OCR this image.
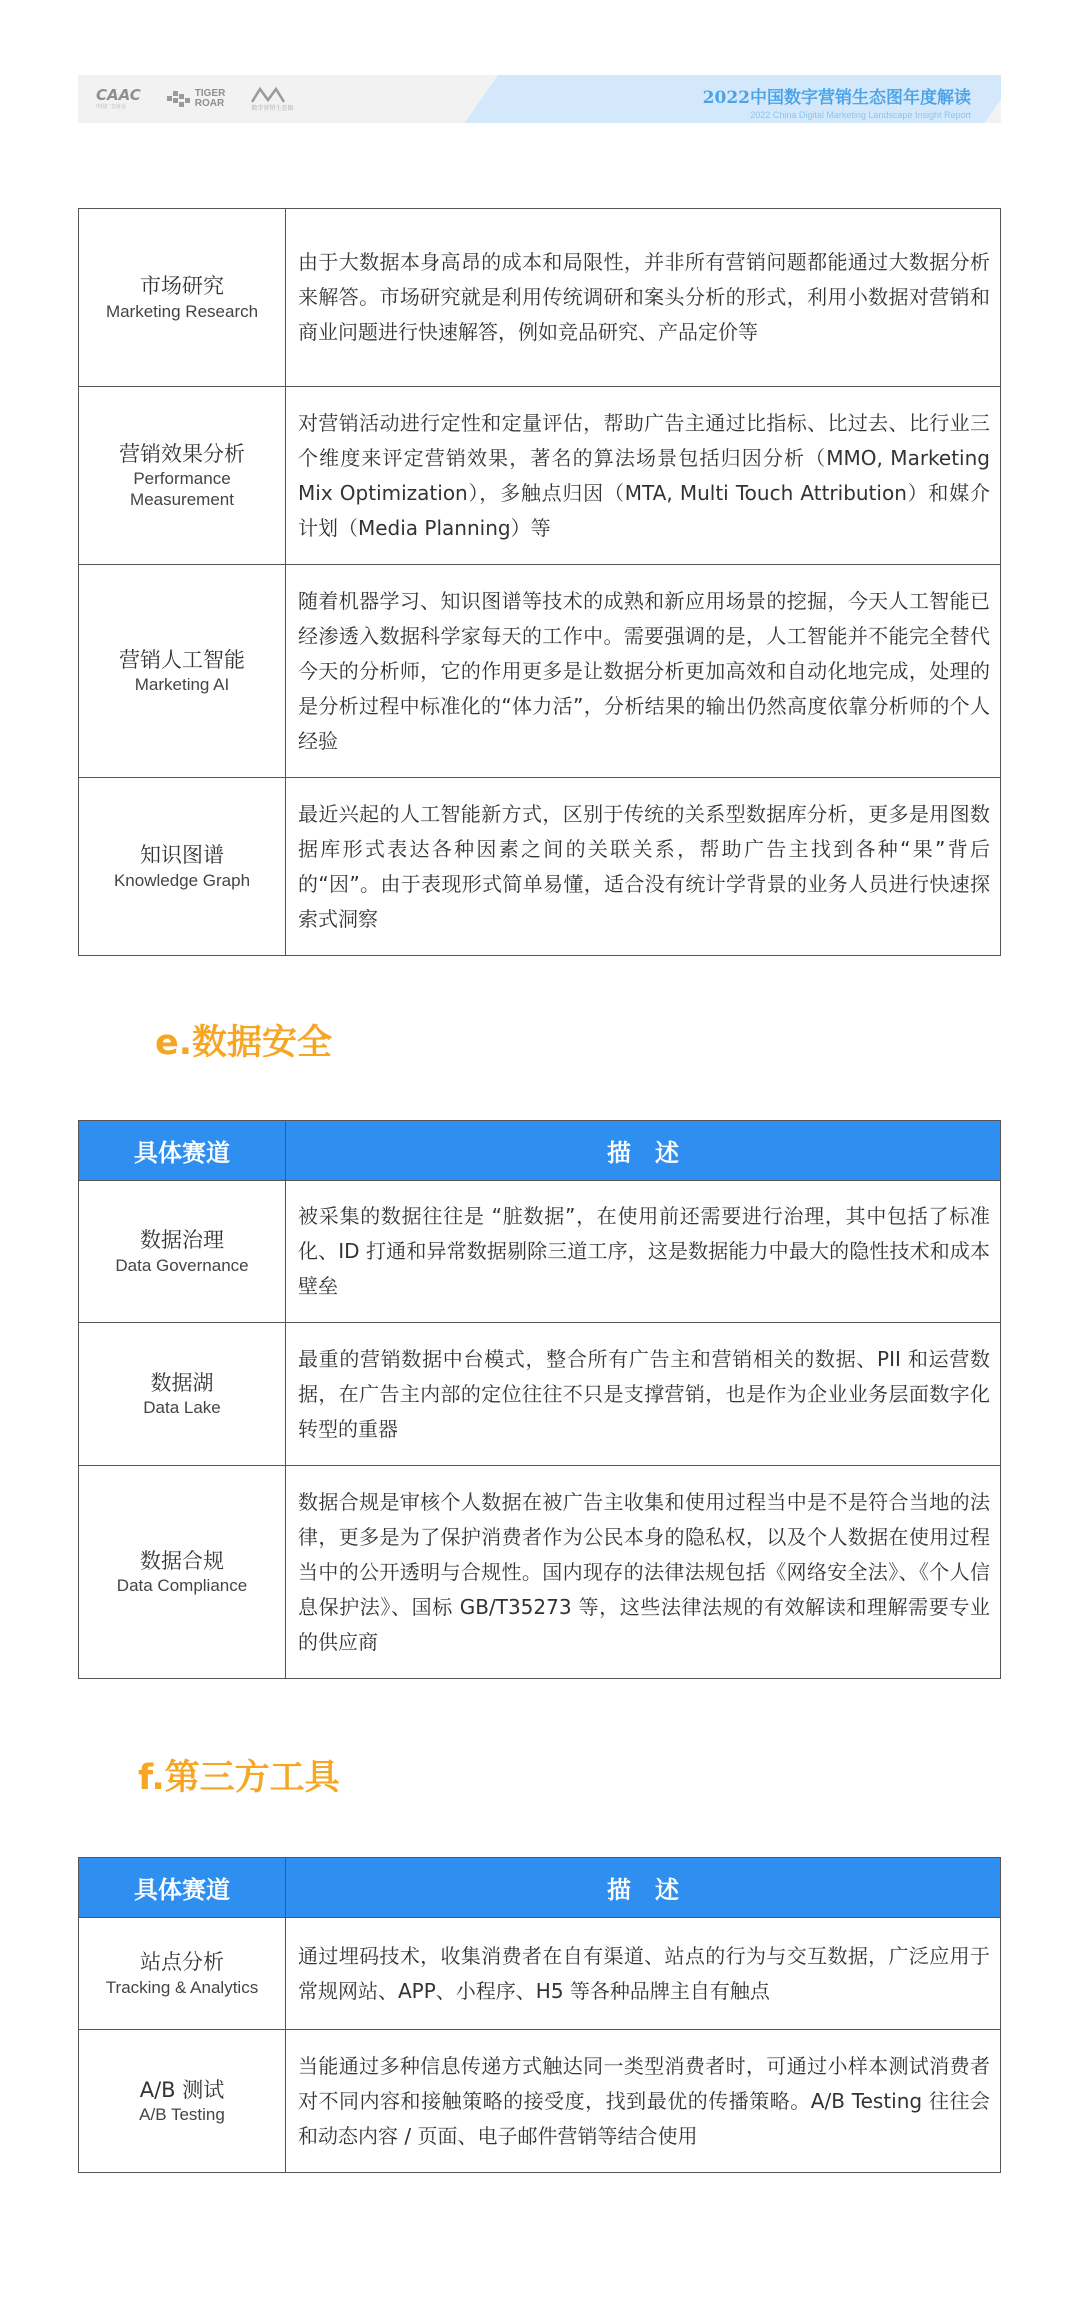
CAAC
中国广告协会
TIGER
ROAR	数字营销生态图
2022中国数字营销生态图年度解读
2022 China Digital Marketing Landscape Insight Report
市场研究
Marketing Research	由于大数据本身高昂的成本和局限性，并非所有营销问题都能通过大数据分析来解答。市场研究就是利用传统调研和案头分析的形式，利用小数据对营销和商业问题进行快速解答，例如竞品研究、产品定价等

营销效果分析
Performance Measurement	对营销活动进行定性和定量评估，帮助广告主通过比指标、比过去、比行业三个维度来评定营销效果，著名的算法场景包括归因分析（MMO, Marketing Mix Optimization），多触点归因（MTA, Multi Touch Attribution）和媒介计划（Media Planning）等

营销人工智能
Marketing AI	随着机器学习、知识图谱等技术的成熟和新应用场景的挖掘，今天人工智能已经渗透入数据科学家每天的工作中。需要强调的是，人工智能并不能完全替代今天的分析师，它的作用更多是让数据分析更加高效和自动化地完成，处理的是分析过程中标准化的“体力活”，分析结果的输出仍然高度依靠分析师的个人经验

知识图谱
Knowledge Graph	最近兴起的人工智能新方式，区别于传统的关系型数据库分析，更多是用图数据库形式表达各种因素之间的关联关系，帮助广告主找到各种“果”背后的“因”。由于表现形式简单易懂，适合没有统计学背景的业务人员进行快速探索式洞察
e.数据安全
具体赛道	描　述

数据治理
Data Governance	被采集的数据往往是 “脏数据”，在使用前还需要进行治理，其中包括了标准化、ID 打通和异常数据剔除三道工序，这是数据能力中最大的隐性技术和成本壁垒

数据湖
Data Lake	最重的营销数据中台模式，整合所有广告主和营销相关的数据、PII 和运营数据，在广告主内部的定位往往不只是支撑营销，也是作为企业业务层面数字化转型的重器

数据合规
Data Compliance	数据合规是审核个人数据在被广告主收集和使用过程当中是不是符合当地的法律，更多是为了保护消费者作为公民本身的隐私权，以及个人数据在使用过程当中的公开透明与合规性。国内现存的法律法规包括《网络安全法》、《个人信息保护法》、国标 GB/T35273 等，这些法律法规的有效解读和理解需要专业的供应商
f.第三方工具
具体赛道	描　述

站点分析
Tracking & Analytics	通过埋码技术，收集消费者在自有渠道、站点的行为与交互数据，广泛应用于常规网站、APP、小程序、H5 等各种品牌主自有触点

A/B 测试
A/B Testing	当能通过多种信息传递方式触达同一类型消费者时，可通过小样本测试消费者对不同内容和接触策略的接受度，找到最优的传播策略。A/B Testing 往往会和动态内容 / 页面、电子邮件营销等结合使用
